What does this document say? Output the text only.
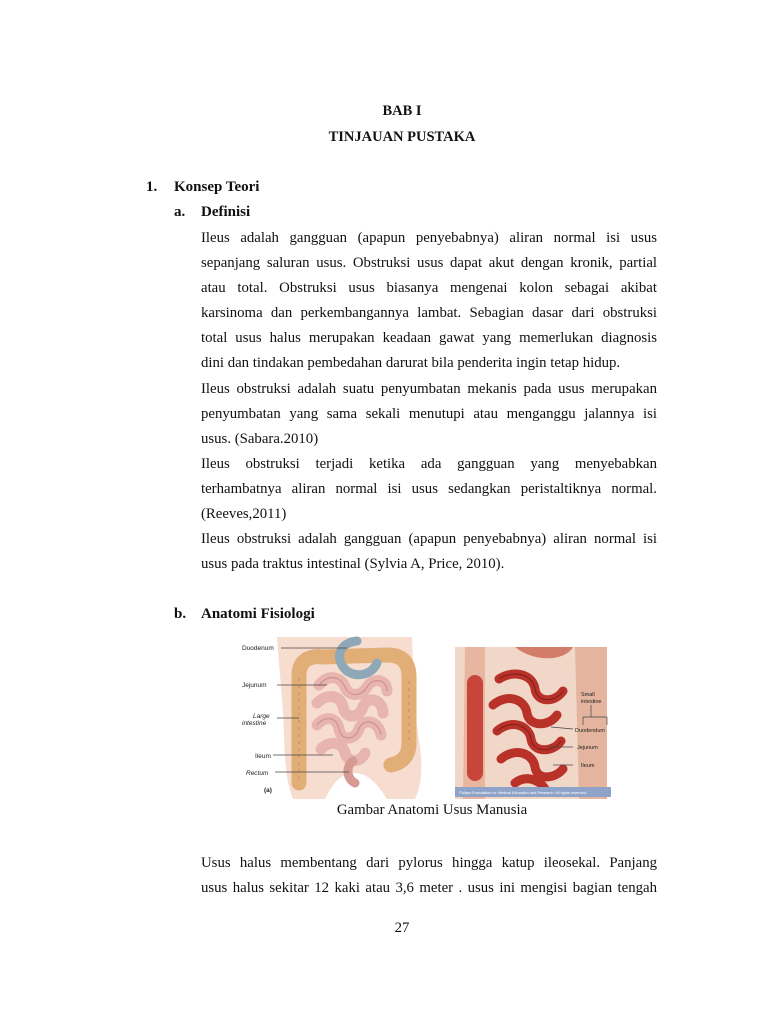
BAB I
TINJAUAN PUSTAKA
1. Konsep Teori
a. Definisi
Ileus adalah gangguan (apapun penyebabnya) aliran normal isi usus
sepanjang saluran usus. Obstruksi usus dapat akut dengan kronik, partial
atau total. Obstruksi usus biasanya mengenai kolon sebagai akibat
karsinoma dan perkembangannya lambat. Sebagian dasar dari obstruksi
total usus halus merupakan keadaan gawat yang memerlukan diagnosis
dini dan tindakan pembedahan darurat bila penderita ingin tetap hidup.
Ileus obstruksi adalah suatu penyumbatan mekanis pada usus merupakan
penyumbatan yang sama sekali menutupi atau menganggu jalannya isi
usus. (Sabara.2010)
Ileus obstruksi terjadi ketika ada gangguan yang menyebabkan
terhambatnya aliran normal isi usus sedangkan peristaltiknya normal.
(Reeves,2011)
Ileus obstruksi adalah gangguan (apapun penyebabnya) aliran normal isi
usus pada traktus intestinal (Sylvia A, Price, 2010).
b. Anatomi Fisiologi
Duodenum
Jejunum
Large
intestine
Ileum
Rectum
(a)
Small
intestine
Duodendum
Jejunum
Ileum
©Mayo Foundation for Medical Education and Research. All rights reserved.
Gambar Anatomi Usus Manusia
Usus halus membentang dari pylorus hingga katup ileosekal. Panjang
usus halus sekitar 12 kaki atau 3,6 meter . usus ini mengisi bagian tengah
27
